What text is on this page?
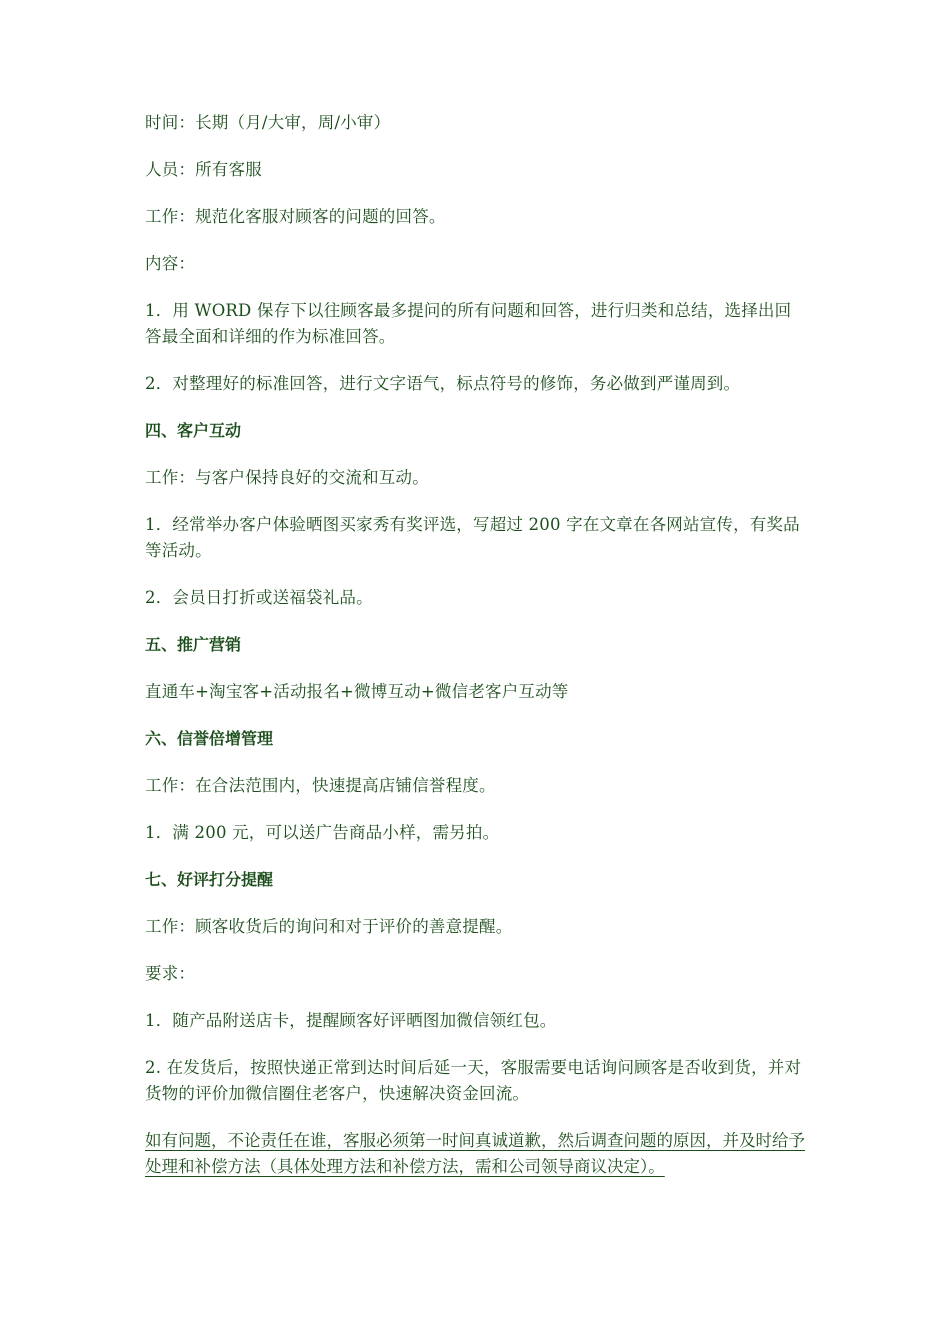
时间：长期（月/大审，周/小审）

人员：所有客服

工作：规范化客服对顾客的问题的回答。

内容：

1．用 WORD 保存下以往顾客最多提问的所有问题和回答，进行归类和总结，选择出回答最全面和详细的作为标准回答。

2．对整理好的标准回答，进行文字语气，标点符号的修饰，务必做到严谨周到。

四、客户互动

工作：与客户保持良好的交流和互动。

1．经常举办客户体验晒图买家秀有奖评选，写超过 200 字在文章在各网站宣传，有奖品等活动。

2．会员日打折或送福袋礼品。

五、推广营销

直通车+淘宝客+活动报名+微博互动+微信老客户互动等

六、信誉倍增管理

工作：在合法范围内，快速提高店铺信誉程度。

1．满 200 元，可以送广告商品小样，需另拍。

七、好评打分提醒

工作：顾客收货后的询问和对于评价的善意提醒。

要求：

1．随产品附送店卡，提醒顾客好评晒图加微信领红包。

2. 在发货后，按照快递正常到达时间后延一天，客服需要电话询问顾客是否收到货，并对货物的评价加微信圈住老客户，快速解决资金回流。

如有问题，不论责任在谁，客服必须第一时间真诚道歉，然后调查问题的原因，并及时给予处理和补偿方法（具体处理方法和补偿方法，需和公司领导商议决定）。
